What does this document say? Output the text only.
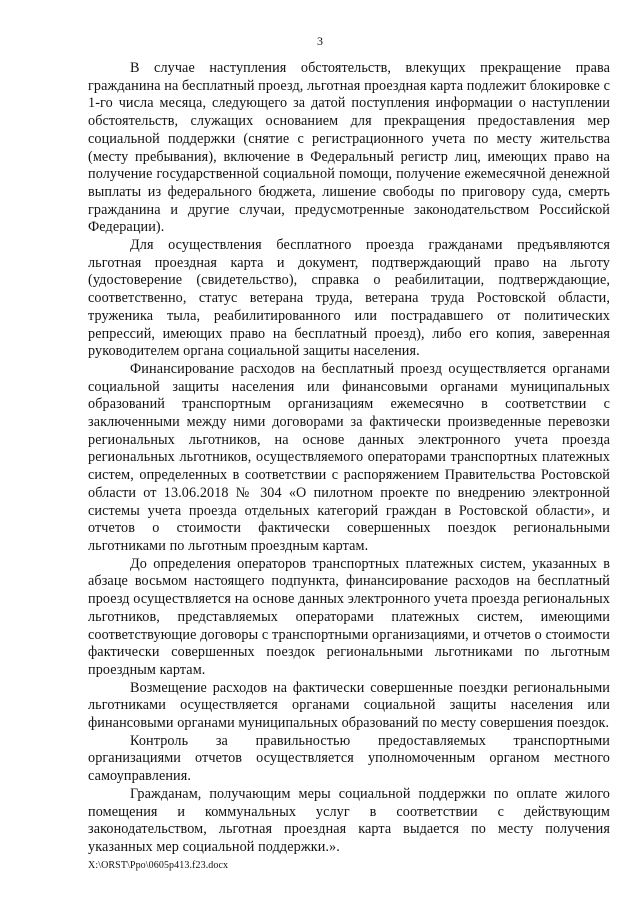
3

В случае наступления обстоятельств, влекущих прекращение права гражданина на бесплатный проезд, льготная проездная карта подлежит блокировке с 1-го числа месяца, следующего за датой поступления информации о наступлении обстоятельств, служащих основанием для прекращения предоставления мер социальной поддержки (снятие с регистрационного учета по месту жительства (месту пребывания), включение в Федеральный регистр лиц, имеющих право на получение государственной социальной помощи, получение ежемесячной денежной выплаты из федерального бюджета, лишение свободы по приговору суда, смерть гражданина и другие случаи, предусмотренные законодательством Российской Федерации).

Для осуществления бесплатного проезда гражданами предъявляются льготная проездная карта и документ, подтверждающий право на льготу (удостоверение (свидетельство), справка о реабилитации, подтверждающие, соответственно, статус ветерана труда, ветерана труда Ростовской области, труженика тыла, реабилитированного или пострадавшего от политических репрессий, имеющих право на бесплатный проезд), либо его копия, заверенная руководителем органа социальной защиты населения.

Финансирование расходов на бесплатный проезд осуществляется органами социальной защиты населения или финансовыми органами муниципальных образований транспортным организациям ежемесячно в соответствии с заключенными между ними договорами за фактически произведенные перевозки региональных льготников, на основе данных электронного учета проезда региональных льготников, осуществляемого операторами транспортных платежных систем, определенных в соответствии с распоряжением Правительства Ростовской области от 13.06.2018 № 304 «О пилотном проекте по внедрению электронной системы учета проезда отдельных категорий граждан в Ростовской области», и отчетов о стоимости фактически совершенных поездок региональными льготниками по льготным проездным картам.

До определения операторов транспортных платежных систем, указанных в абзаце восьмом настоящего подпункта, финансирование расходов на бесплатный проезд осуществляется на основе данных электронного учета проезда региональных льготников, представляемых операторами платежных систем, имеющими соответствующие договоры с транспортными организациями, и отчетов о стоимости фактически совершенных поездок региональными льготниками по льготным проездным картам.

Возмещение расходов на фактически совершенные поездки региональными льготниками осуществляется органами социальной защиты населения или финансовыми органами муниципальных образований по месту совершения поездок.

Контроль за правильностью предоставляемых транспортными организациями отчетов осуществляется уполномоченным органом местного самоуправления.

Гражданам, получающим меры социальной поддержки по оплате жилого помещения и коммунальных услуг в соответствии с действующим законодательством, льготная проездная карта выдается по месту получения указанных мер социальной поддержки.».

X:\ORST\Ppo\0605p413.f23.docx
